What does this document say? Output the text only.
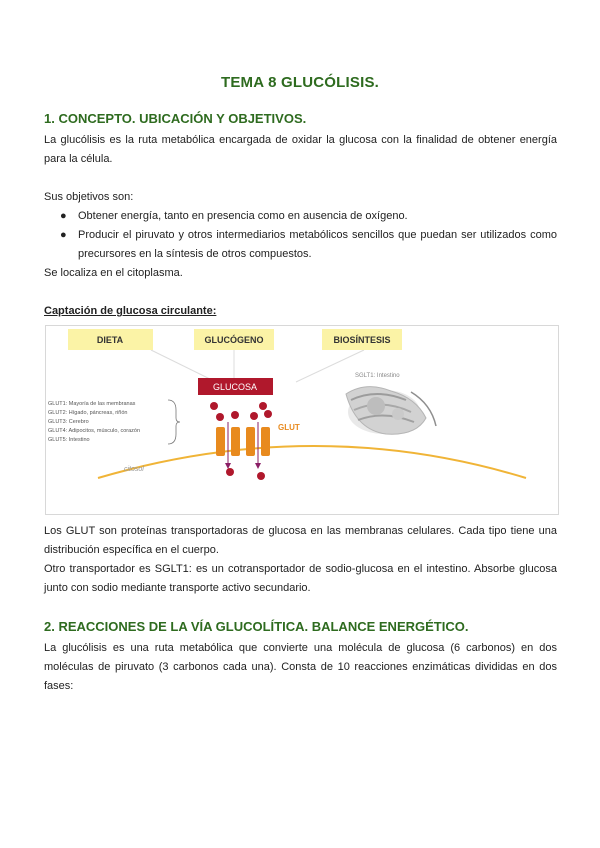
TEMA 8 GLUCÓLISIS.
1. CONCEPTO. UBICACIÓN Y OBJETIVOS.
La glucólisis es la ruta metabólica encargada de oxidar la glucosa con la finalidad de obtener energía para la célula.
Sus objetivos son:
● Obtener energía, tanto en presencia como en ausencia de oxígeno.
● Producir el piruvato y otros intermediarios metabólicos sencillos que puedan ser utilizados como precursores en la síntesis de otros compuestos.
Se localiza en el citoplasma.
Captación de glucosa circulante:
DIETA	GLUCÓGENO	BIOSÍNTESIS
GLUCOSA
citosol
GLUT1: Mayoría de las membranas
GLUT2: Hígado, páncreas, riñón
GLUT3: Cerebro
GLUT4: Adipocitos, músculo, corazón
GLUT5: Intestino
GLUT
SGLT1: Intestino
Los GLUT son proteínas transportadoras de glucosa en las membranas celulares. Cada tipo tiene una distribución específica en el cuerpo.
Otro transportador es SGLT1: es un cotransportador de sodio-glucosa en el intestino. Absorbe glucosa junto con sodio mediante transporte activo secundario.
2. REACCIONES DE LA VÍA GLUCOLÍTICA. BALANCE ENERGÉTICO.
La glucólisis es una ruta metabólica que convierte una molécula de glucosa (6 carbonos) en dos moléculas de piruvato (3 carbonos cada una). Consta de 10 reacciones enzimáticas divididas en dos fases:
